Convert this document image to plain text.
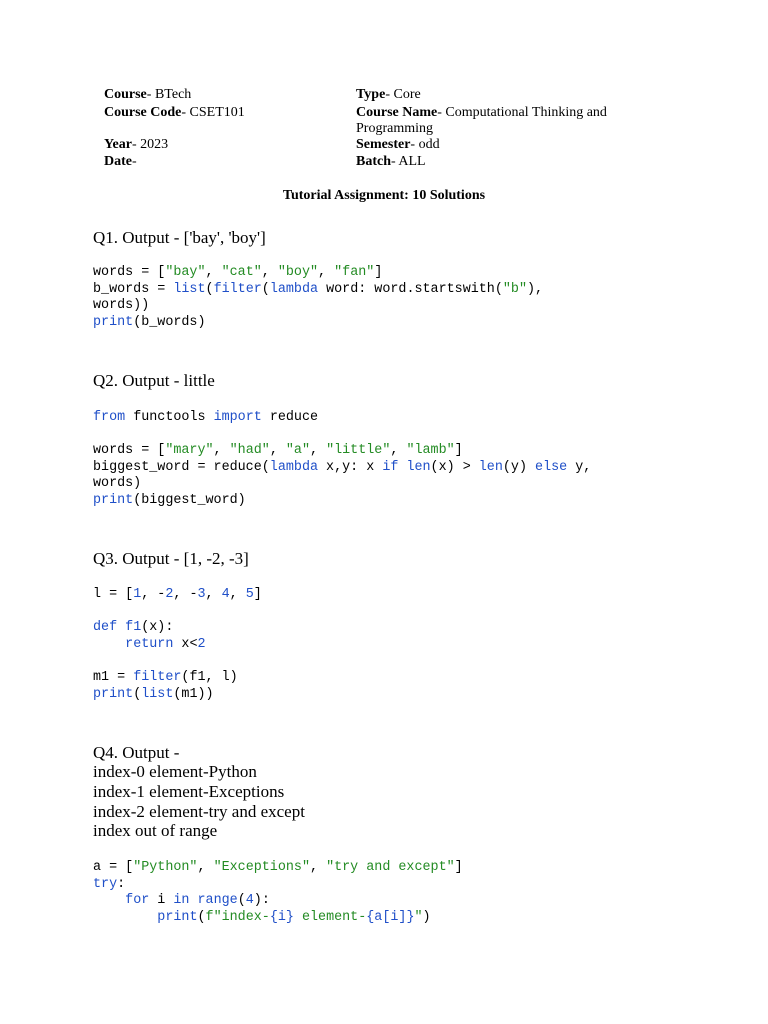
Course- BTech
Course Code- CSET101
Year- 2023
Date-
Type- Core
Course Name- Computational Thinking and
Programming
Semester- odd
Batch- ALL
Tutorial Assignment: 10 Solutions
Q1. Output - ['bay', 'boy']
words = ["bay", "cat", "boy", "fan"]
b_words = list(filter(lambda word: word.startswith("b"),
words))
print(b_words)
Q2. Output - little
from functools import reduce

words = ["mary", "had", "a", "little", "lamb"]
biggest_word = reduce(lambda x,y: x if len(x) > len(y) else y,
words)
print(biggest_word)
Q3. Output - [1, -2, -3]
l = [1, -2, -3, 4, 5]

def f1(x):
return x<2

m1 = filter(f1, l)
print(list(m1))
Q4. Output -
index-0 element-Python
index-1 element-Exceptions
index-2 element-try and except
index out of range
a = ["Python", "Exceptions", "try and except"]
try:
for i in range(4):
print(f"index-{i} element-{a[i]}")
